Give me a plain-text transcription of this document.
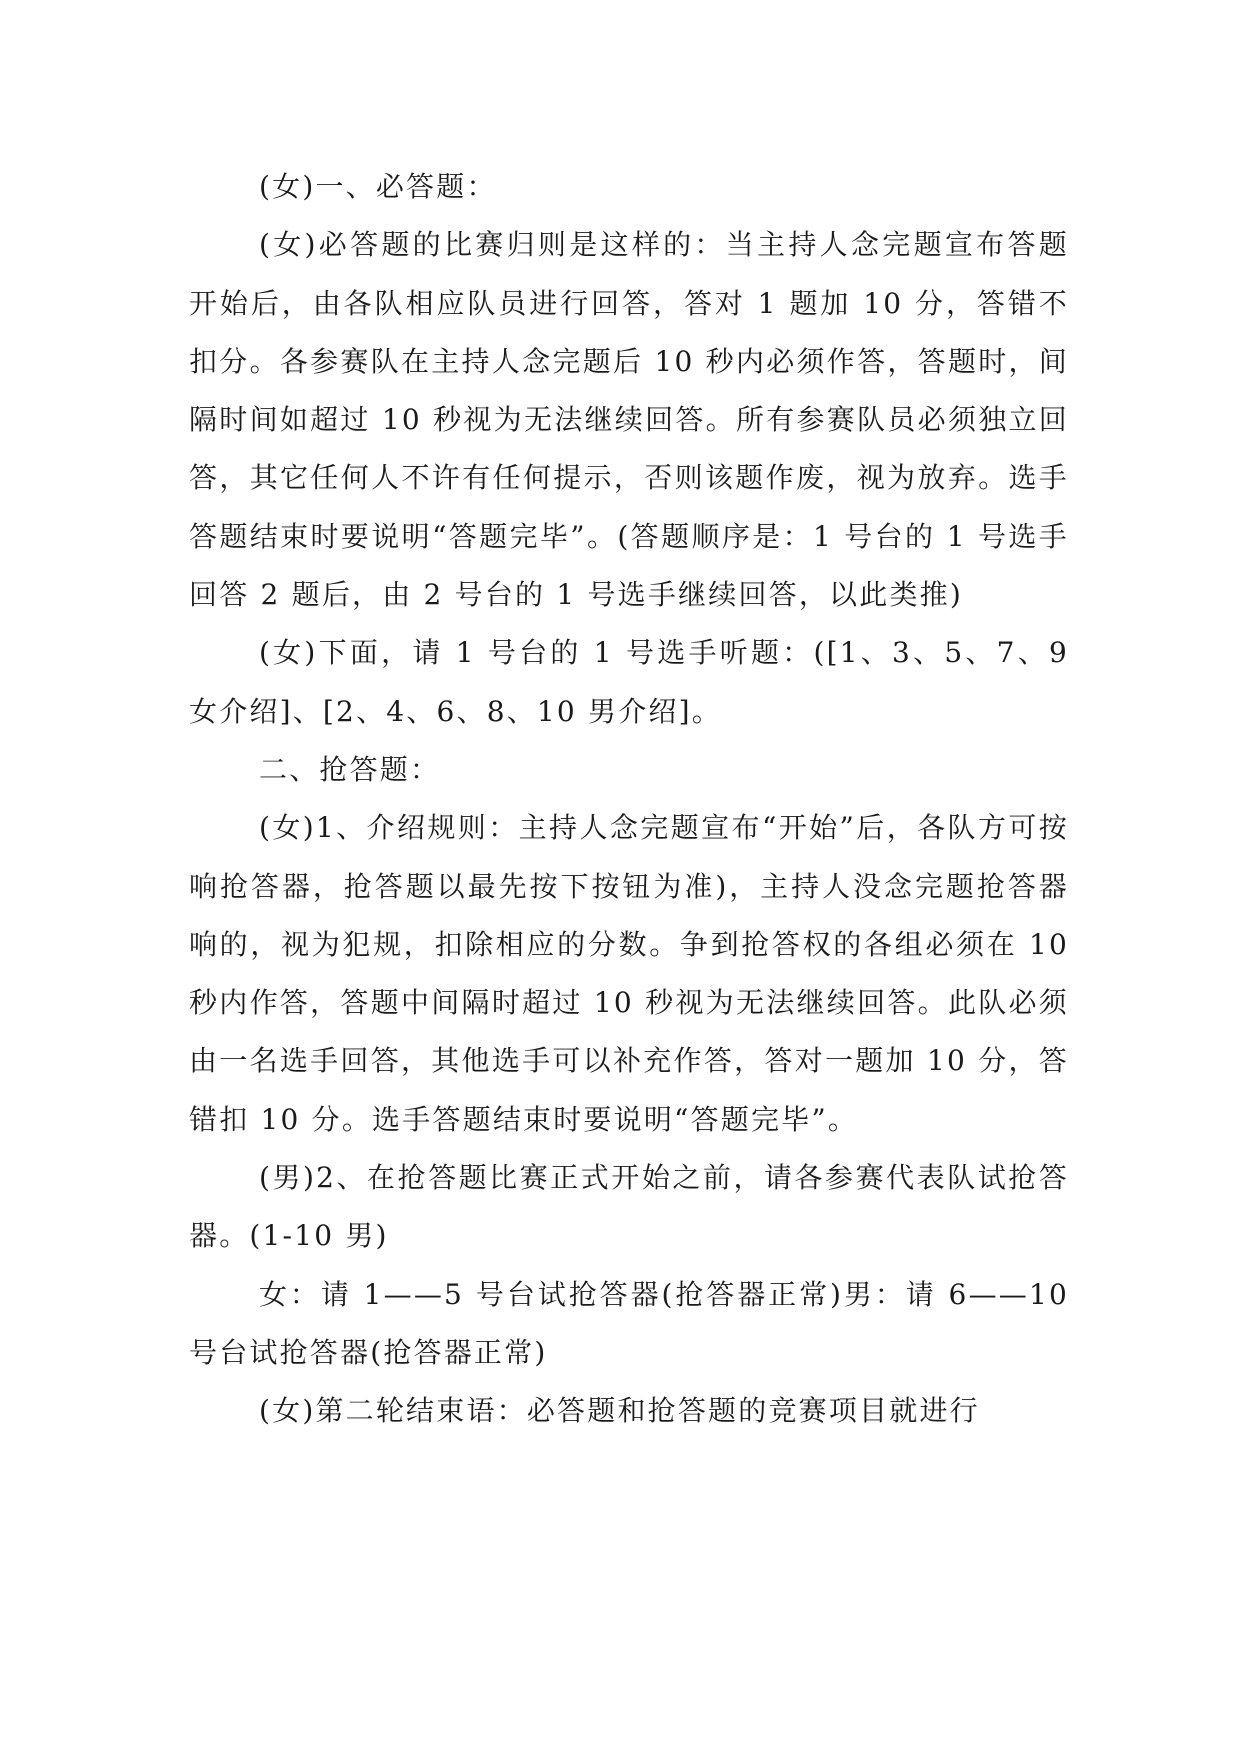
(女)一、必答题：

(女)必答题的比赛归则是这样的：当主持人念完题宣布答题开始后，由各队相应队员进行回答，答对 1 题加 10 分，答错不扣分。各参赛队在主持人念完题后 10 秒内必须作答，答题时，间隔时间如超过 10 秒视为无法继续回答。所有参赛队员必须独立回答，其它任何人不许有任何提示，否则该题作废，视为放弃。选手答题结束时要说明“答题完毕”。(答题顺序是：1 号台的 1 号选手回答 2 题后，由 2 号台的 1 号选手继续回答，以此类推)

(女)下面，请 1 号台的 1 号选手听题：([1、3、5、7、9 女介绍]、[2、4、6、8、10 男介绍]。

二、抢答题：

(女)1、介绍规则：主持人念完题宣布“开始”后，各队方可按响抢答器，抢答题以最先按下按钮为准)，主持人没念完题抢答器响的，视为犯规，扣除相应的分数。争到抢答权的各组必须在 10 秒内作答，答题中间隔时超过 10 秒视为无法继续回答。此队必须由一名选手回答，其他选手可以补充作答，答对一题加 10 分，答错扣 10 分。选手答题结束时要说明“答题完毕”。

(男)2、在抢答题比赛正式开始之前，请各参赛代表队试抢答器。(1-10 男)

女：请 1——5 号台试抢答器(抢答器正常)男：请 6——10 号台试抢答器(抢答器正常)

(女)第二轮结束语：必答题和抢答题的竞赛项目就进行
